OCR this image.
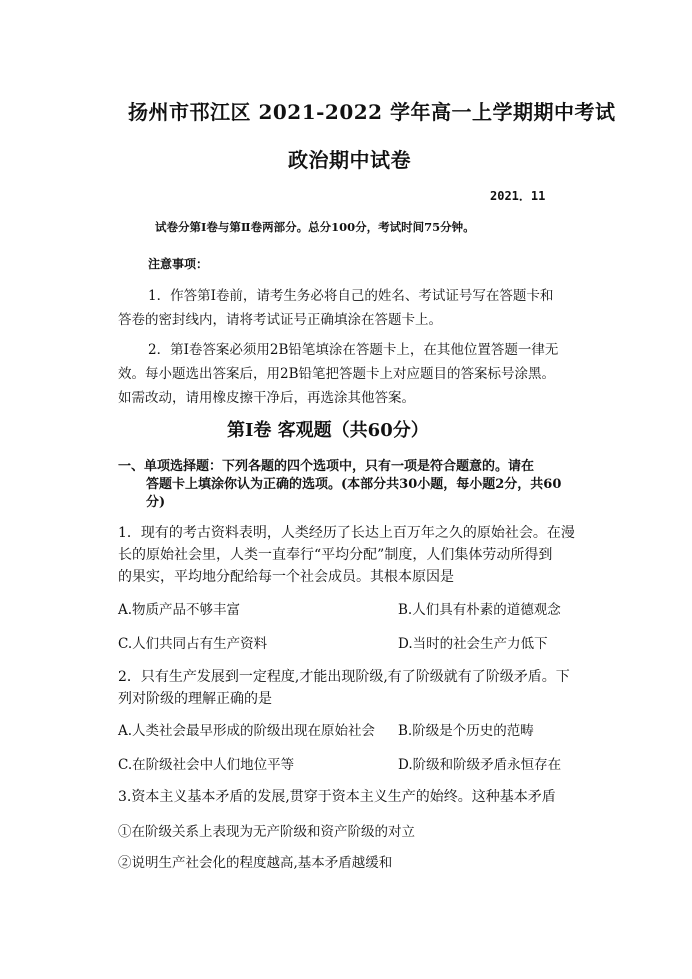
扬州市邗江区 2021-2022 学年高一上学期期中考试
政治期中试卷
2021．11
试卷分第Ⅰ卷与第Ⅱ卷两部分。总分100分，考试时间75分钟。
注意事项：
1．作答第Ⅰ卷前，请考生务必将自己的姓名、考试证号写在答题卡和
答卷的密封线内，请将考试证号正确填涂在答题卡上。
2．第Ⅰ卷答案必须用2B铅笔填涂在答题卡上，在其他位置答题一律无
效。每小题选出答案后，用2B铅笔把答题卡上对应题目的答案标号涂黑。
如需改动，请用橡皮擦干净后，再选涂其他答案。
第Ⅰ卷 客观题（共60分）
一、单项选择题：下列各题的四个选项中，只有一项是符合题意的。请在
答题卡上填涂你认为正确的选项。(本部分共30小题，每小题2分，共60
分)
1．现有的考古资料表明，人类经历了长达上百万年之久的原始社会。在漫
长的原始社会里，人类一直奉行“平均分配”制度，人们集体劳动所得到
的果实，平均地分配给每一个社会成员。其根本原因是
A.物质产品不够丰富	B.人们具有朴素的道德观念
C.人们共同占有生产资料	D.当时的社会生产力低下
2．只有生产发展到一定程度,才能出现阶级,有了阶级就有了阶级矛盾。下
列对阶级的理解正确的是
A.人类社会最早形成的阶级出现在原始社会 B.阶级是个历史的范畴
C.在阶级社会中人们地位平等	D.阶级和阶级矛盾永恒存在
3.资本主义基本矛盾的发展,贯穿于资本主义生产的始终。这种基本矛盾
①在阶级关系上表现为无产阶级和资产阶级的对立
②说明生产社会化的程度越高,基本矛盾越缓和
